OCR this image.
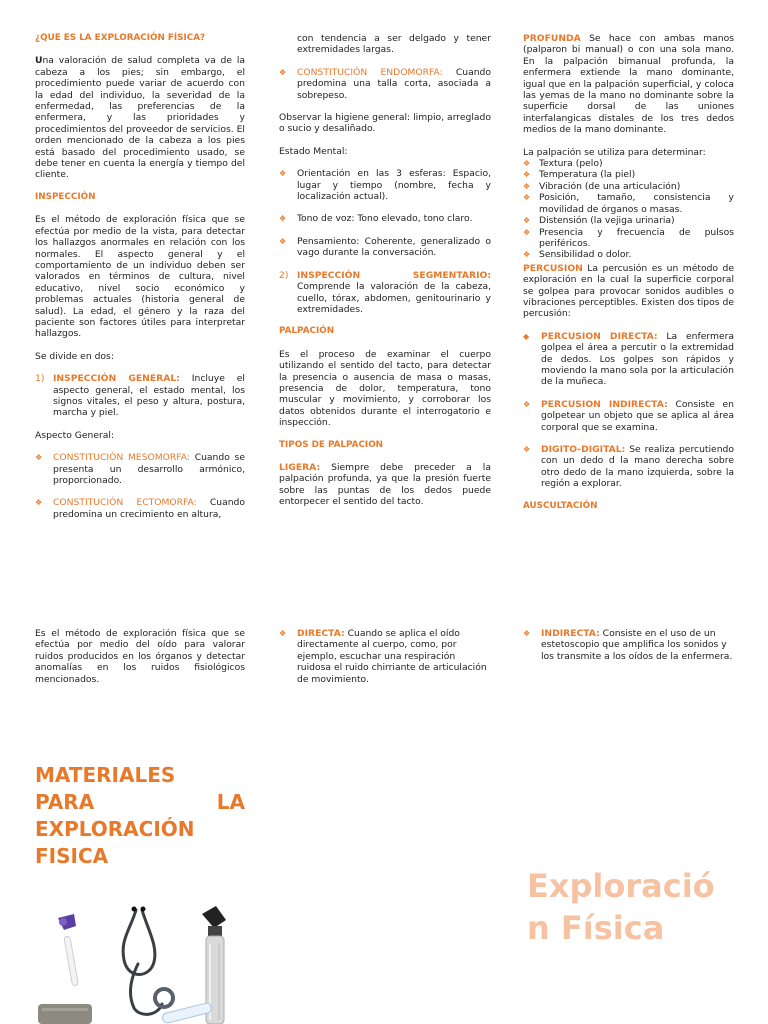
¿QUE ES LA EXPLORACIÓN FÍSICA?

Una valoración de salud completa va de la cabeza a los pies; sin embargo, el procedimiento puede variar de acuerdo con la edad del individuo, la severidad de la enfermedad, las preferencias de la enfermera, y las prioridades y procedimientos del proveedor de servicios. El orden mencionado de la cabeza a los pies está basado del procedimiento usado, se debe tener en cuenta la energía y tiempo del cliente.

INSPECCIÓN

Es el método de exploración física que se efectúa por medio de la vista, para detectar los hallazgos anormales en relación con los normales. El aspecto general y el comportamiento de un individuo deben ser valorados en términos de cultura, nivel educativo, nivel socio económico y problemas actuales (historia general de salud). La edad, el género y la raza del paciente son factores útiles para interpretar hallazgos.

Se divide en dos:

1) INSPECCIÓN GENERAL: Incluye el aspecto general, el estado mental, los signos vitales, el peso y altura, postura, marcha y piel.

Aspecto General:

❖	CONSTITUCIÓN MESOMORFA: Cuando se presenta un desarrollo armónico, proporcionado.
❖	CONSTITUCIÓN ECTOMORFA: Cuando predomina un crecimiento en altura,
con tendencia a ser delgado y tener extremidades largas.
❖	CONSTITUCIÓN ENDOMORFA: Cuando predomina una talla corta, asociada a sobrepeso.

Observar la higiene general: limpio, arreglado o sucio y desaliñado.

Estado Mental:

❖	Orientación en las 3 esferas: Espacio, lugar y tiempo (nombre, fecha y localización actual).
❖	Tono de voz: Tono elevado, tono claro.
❖	Pensamiento: Coherente, generalizado o vago durante la conversación.
2) INSPECCIÓN SEGMENTARIO:
Comprende la valoración de la cabeza, cuello, tórax, abdomen, genitourinario y extremidades.

PALPACIÓN

Es el proceso de examinar el cuerpo utilizando el sentido del tacto, para detectar la presencia o ausencia de masa o masas, presencia de dolor, temperatura, tono muscular y movimiento, y corroborar los datos obtenidos durante el interrogatorio e inspección.

TIPOS DE PALPACION

LIGERA: Siempre debe preceder a la palpación profunda, ya que la presión fuerte sobre las puntas de los dedos puede entorpecer el sentido del tacto.

PROFUNDA Se hace con ambas manos (palparon bi manual) o con una sola mano. En la palpación bimanual profunda, la enfermera extiende la mano dominante, igual que en la palpación superficial, y coloca las yemas de la mano no dominante sobre la superficie dorsal de las uniones interfalangicas distales de los tres dedos medios de la mano dominante.

La palpación se utiliza para determinar:

❖ Textura (pelo)
❖ Temperatura (la piel)
❖ Vibración (de una articulación)
❖ Posición, tamaño, consistencia y movilidad de órganos o masas.
❖ Distensión (la vejiga urinaria)
❖ Presencia y frecuencia de pulsos periféricos.
❖ Sensibilidad o dolor.

PERCUSION La percusión es un método de exploración en la cual la superficie corporal se golpea para provocar sonidos audibles o vibraciones perceptibles. Existen dos tipos de percusión:

◆	PERCUSION DIRECTA: La enfermera golpea el área a percutir o la extremidad de dedos. Los golpes son rápidos y moviendo la mano sola por la articulación de la muñeca.
❖	PERCUSION INDIRECTA: Consiste en golpetear un objeto que se aplica al área corporal que se examina.
❖	DIGITO-DIGITAL: Se realiza percutiendo con un dedo d la mano derecha sobre otro dedo de la mano izquierda, sobre la región a explorar.

AUSCULTACIÓN

Es el método de exploración física que se efectúa por medio del oído para valorar ruidos producidos en los órganos y detectar anomalías en los ruidos fisiológicos mencionados.

❖	DIRECTA: Cuando se aplica el oído directamente al cuerpo, como, por ejemplo, escuchar una respiración ruidosa el ruido chirriante de articulación de movimiento.
❖	INDIRECTA: Consiste en el uso de un estetoscopio que amplifica los sonidos y los transmite a los oídos de la enfermera.
MATERIALES
PARA	LA
EXPLORACIÓN
FISICA
Exploració
n Física
